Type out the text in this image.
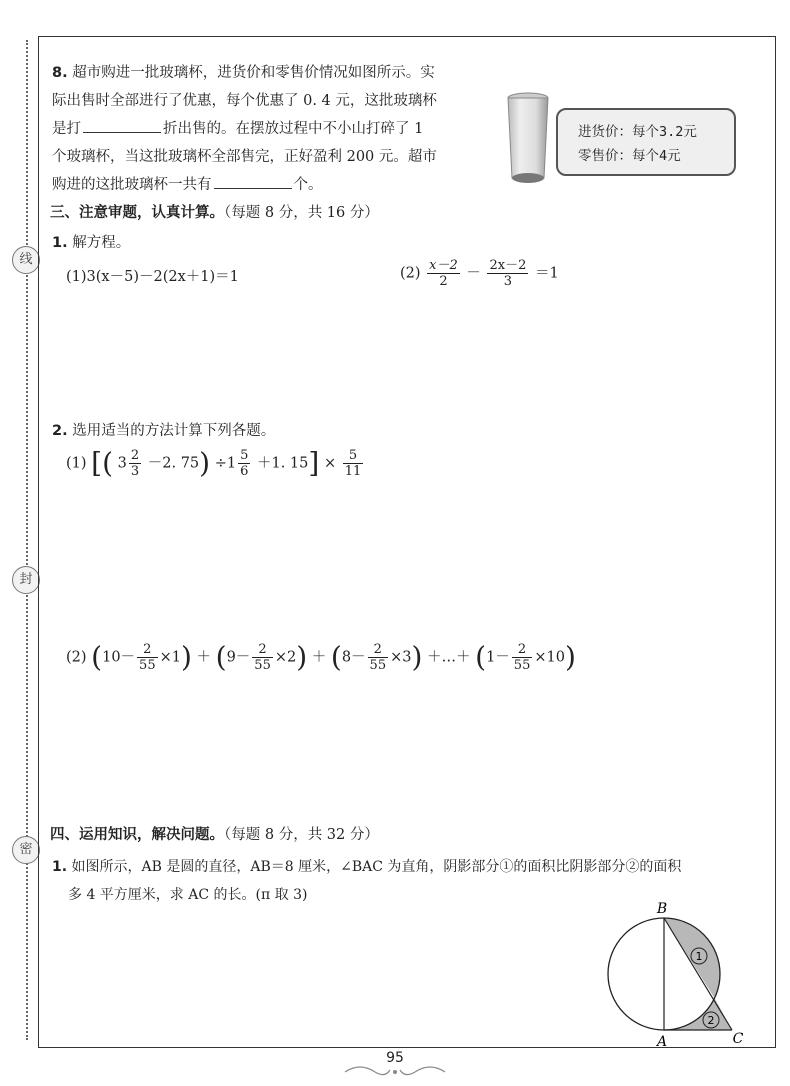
线
封
密
8. 超市购进一批玻璃杯，进货价和零售价情况如图所示。实
际出售时全部进行了优惠，每个优惠了 0. 4 元，这批玻璃杯
是打	折出售的。在摆放过程中不小山打碎了 1
个玻璃杯，当这批玻璃杯全部售完，正好盈利 200 元。超市
购进的这批玻璃杯一共有	个。
进货价：每个3.2元
零售价：每个4元
三、注意审题，认真计算。（每题 8 分，共 16 分）
1. 解方程。
(1)3(x－5)－2(2x＋1)＝1	$(2) \frac{x-2}{2} - \frac{2x-2}{3} =1$
2. 选用适当的方法计算下列各题。
(1) [( $3 \frac{2}{3} -2$. $75) \div 1 \frac{5}{6} +1$. $15] \times \frac{5}{11}$
(2) $(10- \frac{2}{55} \times 1) + (9- \frac{2}{55} \times 2) + (8- \frac{2}{55} \times 3)$ ＋…＋ $(1- \frac{2}{55} \times 10)$
四、运用知识，解决问题。（每题 8 分，共 32 分）
1. 如图所示，AB 是圆的直径，AB＝8 厘米，∠BAC 为直角，阴影部分①的面积比阴影部分②的面积
多 4 平方厘米，求 AC 的长。(π 取 3)
1
2
B
A	C
95
